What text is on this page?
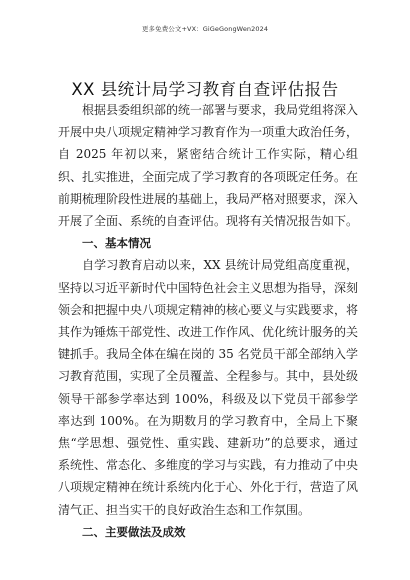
更多免费公文+VX：GiGeGongWen2024
XX 县统计局学习教育自查评估报告

根据县委组织部的统一部署与要求，我局党组将深入开展中央八项规定精神学习教育作为一项重大政治任务，自 2025 年初以来，紧密结合统计工作实际，精心组织、扎实推进，全面完成了学习教育的各项既定任务。在前期梳理阶段性进展的基础上，我局严格对照要求，深入开展了全面、系统的自查评估。现将有关情况报告如下。

一、基本情况

自学习教育启动以来，XX 县统计局党组高度重视，坚持以习近平新时代中国特色社会主义思想为指导，深刻领会和把握中央八项规定精神的核心要义与实践要求，将其作为锤炼干部党性、改进工作作风、优化统计服务的关键抓手。我局全体在编在岗的 35 名党员干部全部纳入学习教育范围，实现了全员覆盖、全程参与。其中，县处级领导干部参学率达到 100%，科级及以下党员干部参学率达到 100%。在为期数月的学习教育中，全局上下聚焦“学思想、强党性、重实践、建新功”的总要求，通过系统性、常态化、多维度的学习与实践，有力推动了中央八项规定精神在统计系统内化于心、外化于行，营造了风清气正、担当实干的良好政治生态和工作氛围。

二、主要做法及成效
